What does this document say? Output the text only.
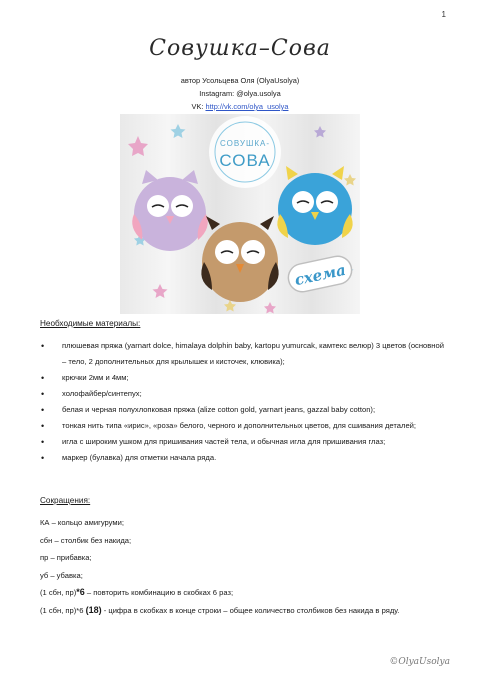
1
Совушка–Сова
автор Усольцева Оля (OlyaUsolya)
Instagram: @olya.usolya
VK: http://vk.com/olya_usolya
СОВУШКА-
СОВА
схема
Необходимые материалы:
• плюшевая пряжа (yarnart dolce, himalaya dolphin baby, kartopu yumurcak, камтекс велюр) 3 цветов (основной – тело, 2 дополнительных для крылышек и кисточек, клювика);
• крючки 2мм и 4мм;
• холофайбер/синтепух;
• белая и черная полухлопковая пряжа (alize cotton gold, yarnart jeans, gazzal baby cotton);
• тонкая нить типа «ирис», «роза» белого, черного и дополнительных цветов, для сшивания деталей;
• игла с широким ушком для пришивания частей тела, и обычная игла для пришивания глаз;
• маркер (булавка) для отметки начала ряда.
Сокращения:
КА – кольцо амигуруми;
сбн – столбик без накида;
пр – прибавка;
уб – убавка;
(1 сбн, пр)*6 – повторить комбинацию в скобках 6 раз;
(1 сбн, пр)*6 (18) - цифра в скобках в конце строки – общее количество столбиков без накида в ряду.
©OlyaUsolya
